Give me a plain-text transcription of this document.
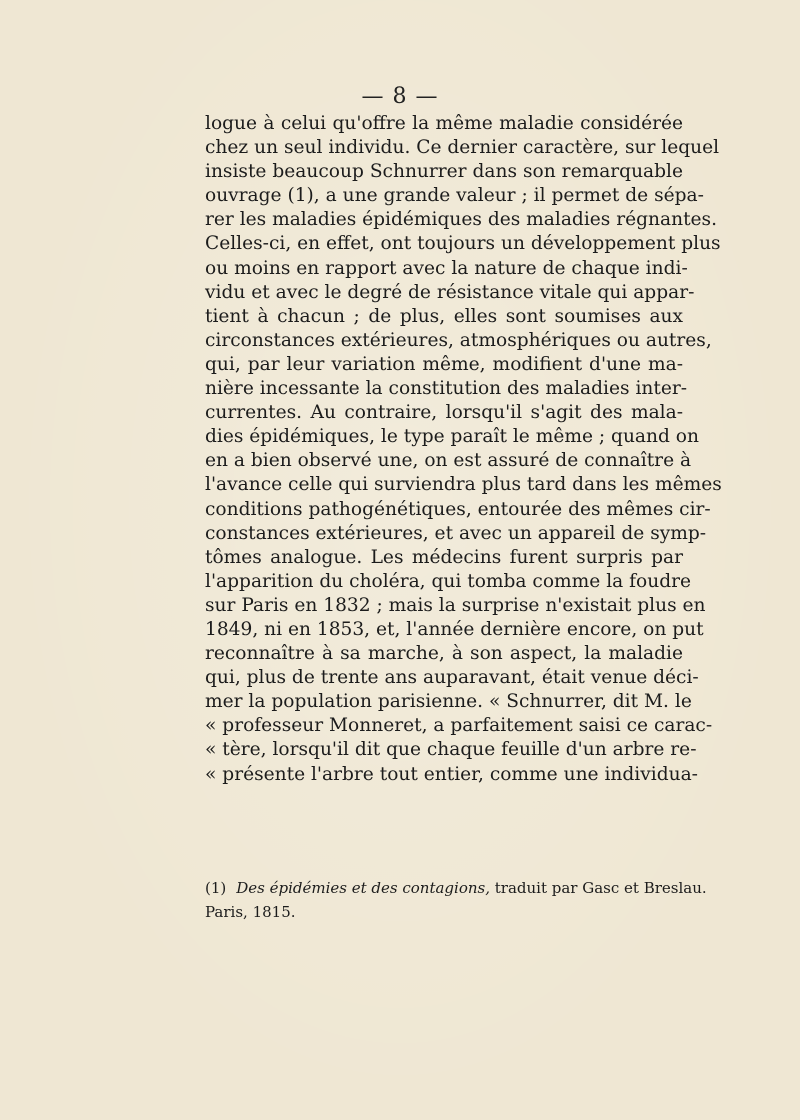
— 8 —
logue à celui qu'offre la même maladie considérée
chez un seul individu. Ce dernier caractère, sur lequel
insiste beaucoup Schnurrer dans son remarquable
ouvrage (1), a une grande valeur ; il permet de sépa-
rer les maladies épidémiques des maladies régnantes.
Celles-ci, en effet, ont toujours un développement plus
ou moins en rapport avec la nature de chaque indi-
vidu et avec le degré de résistance vitale qui appar-
tient à chacun ; de plus, elles sont soumises aux
circonstances extérieures, atmosphériques ou autres,
qui, par leur variation même, modifient d'une ma-
nière incessante la constitution des maladies inter-
currentes. Au contraire, lorsqu'il s'agit des mala-
dies épidémiques, le type paraît le même ; quand on
en a bien observé une, on est assuré de connaître à
l'avance celle qui surviendra plus tard dans les mêmes
conditions pathogénétiques, entourée des mêmes cir-
constances extérieures, et avec un appareil de symp-
tômes analogue. Les médecins furent surpris par
l'apparition du choléra, qui tomba comme la foudre
sur Paris en 1832 ; mais la surprise n'existait plus en
1849, ni en 1853, et, l'année dernière encore, on put
reconnaître à sa marche, à son aspect, la maladie
qui, plus de trente ans auparavant, était venue déci-
mer la population parisienne. « Schnurrer, dit M. le
« professeur Monneret, a parfaitement saisi ce carac-
« tère, lorsqu'il dit que chaque feuille d'un arbre re-
« présente l'arbre tout entier, comme une individua-
(1) Des épidémies et des contagions, traduit par Gasc et Breslau.
Paris, 1815.
